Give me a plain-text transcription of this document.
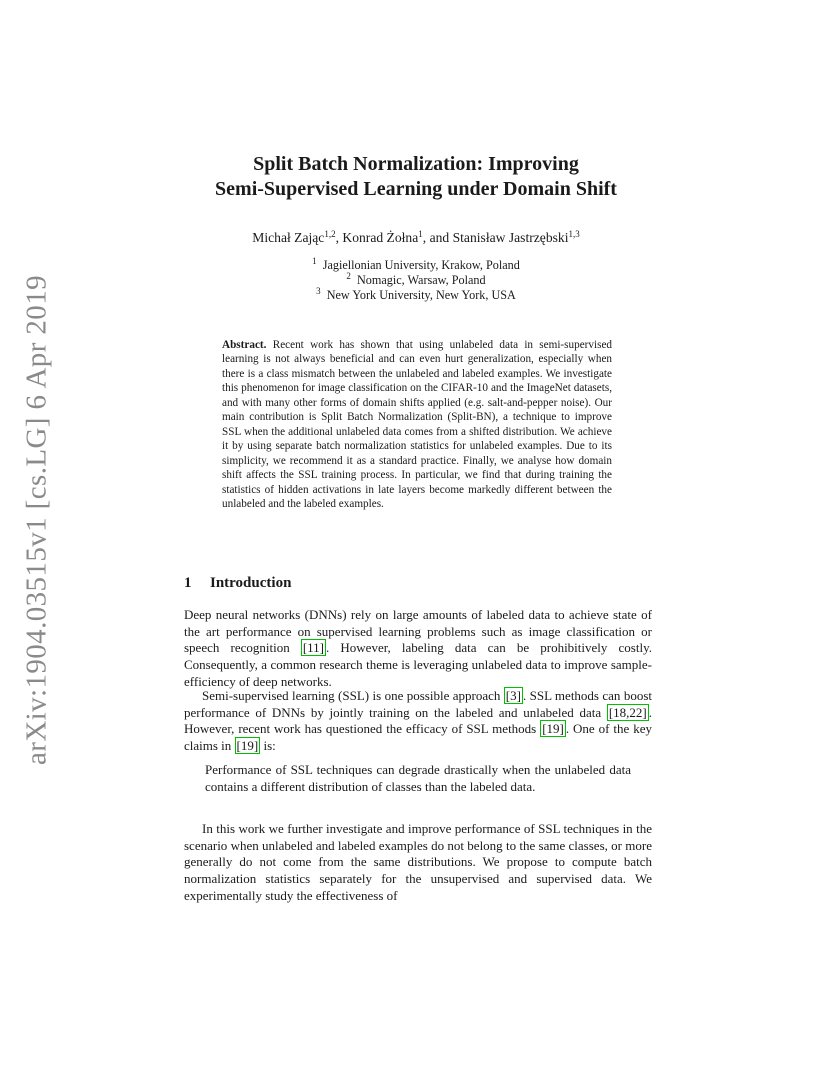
arXiv:1904.03515v1 [cs.LG] 6 Apr 2019
Split Batch Normalization: Improving
Semi-Supervised Learning under Domain Shift
Michał Zając$^{1,2}$, Konrad Żołna$^1$, and Stanisław Jastrzębski$^{1,3}$
$^1$ Jagiellonian University, Krakow, Poland
$^2$ Nomagic, Warsaw, Poland
$^3$ New York University, New York, USA
Abstract. Recent work has shown that using unlabeled data in semi-supervised learning is not always beneficial and can even hurt generalization, especially when there is a class mismatch between the unlabeled and labeled examples. We investigate this phenomenon for image classification on the CIFAR-10 and the ImageNet datasets, and with many other forms of domain shifts applied (e.g. salt-and-pepper noise). Our main contribution is Split Batch Normalization (Split-BN), a technique to improve SSL when the additional unlabeled data comes from a shifted distribution. We achieve it by using separate batch normalization statistics for unlabeled examples. Due to its simplicity, we recommend it as a standard practice. Finally, we analyse how domain shift affects the SSL training process. In particular, we find that during training the statistics of hidden activations in late layers become markedly different between the unlabeled and the labeled examples.
1 Introduction
Deep neural networks (DNNs) rely on large amounts of labeled data to achieve state of the art performance on supervised learning problems such as image classification or speech recognition [11] . However, labeling data can be prohibitively costly. Consequently, a common research theme is leveraging unlabeled data to improve sample-efficiency of deep networks.
Semi-supervised learning (SSL) is one possible approach [3] . SSL methods can boost performance of DNNs by jointly training on the labeled and unlabeled data [18,22] . However, recent work has questioned the efficacy of SSL methods [19] . One of the key claims in [19] is:
Performance of SSL techniques can degrade drastically when the unlabeled data contains a different distribution of classes than the labeled data.
In this work we further investigate and improve performance of SSL techniques in the scenario when unlabeled and labeled examples do not belong to the same classes, or more generally do not come from the same distributions. We propose to compute batch normalization statistics separately for the unsupervised and supervised data. We experimentally study the effectiveness of
